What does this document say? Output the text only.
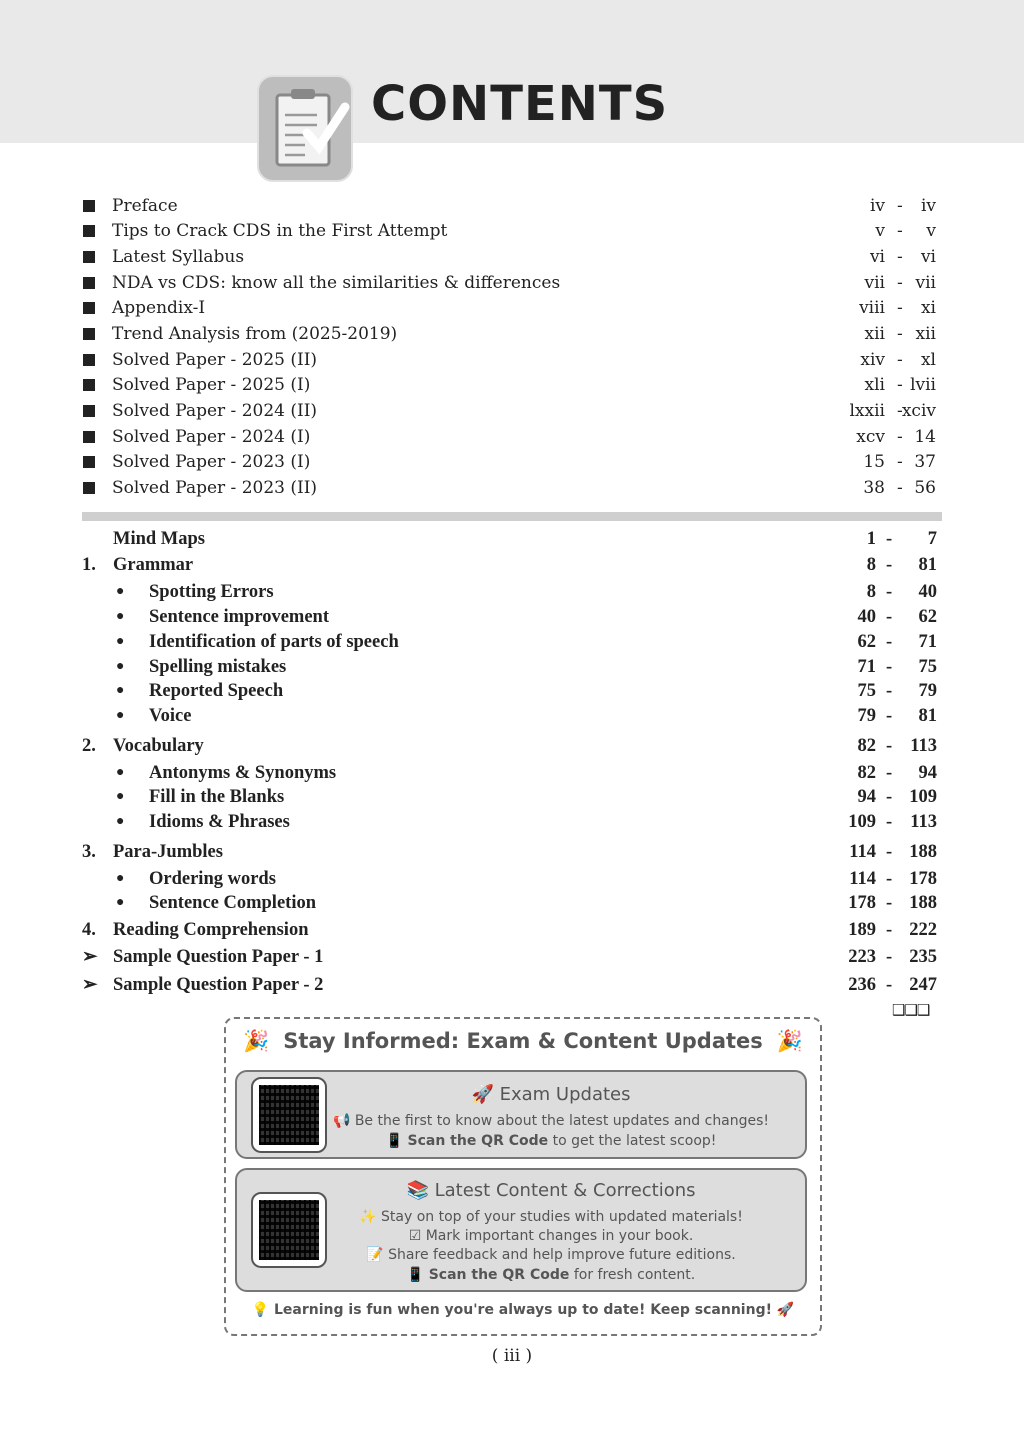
CONTENTS
Preface	iv - iv
Tips to Crack CDS in the First Attempt	v - v
Latest Syllabus	vi - vi
NDA vs CDS: know all the similarities & differences	vii - vii
Appendix-I	viii - xi
Trend Analysis from (2025-2019)	xii - xii
Solved Paper - 2025 (II)	xiv - xl
Solved Paper - 2025 (I)	xli - lvii
Solved Paper - 2024 (II)	lxxii - xciv
Solved Paper - 2024 (I)	xcv - 14
Solved Paper - 2023 (I)	15 - 37
Solved Paper - 2023 (II)	38 - 56
Mind Maps	1 - 7
1. Grammar	8 - 81
● Spotting Errors	8 - 40
● Sentence improvement	40 - 62
● Identification of parts of speech	62 - 71
● Spelling mistakes	71 - 75
● Reported Speech	75 - 79
● Voice	79 - 81
2. Vocabulary	82 - 113
● Antonyms & Synonyms	82 - 94
● Fill in the Blanks	94 - 109
● Idioms & Phrases	109 - 113
3. Para-Jumbles	114 - 188
● Ordering words	114 - 178
● Sentence Completion	178 - 188
4. Reading Comprehension	189 - 222
➢ Sample Question Paper - 1	223 - 235
➢ Sample Question Paper - 2	236 - 247
❑❑❑
🎉 Stay Informed: Exam & Content Updates 🎉
🚀 Exam Updates
📢 Be the first to know about the latest updates and changes!
📱 Scan the QR Code to get the latest scoop!
📚 Latest Content & Corrections
✨ Stay on top of your studies with updated materials!
☑ Mark important changes in your book.
📝 Share feedback and help improve future editions.
📱 Scan the QR Code for fresh content.
💡 Learning is fun when you're always up to date! Keep scanning! 🚀
( iii )
